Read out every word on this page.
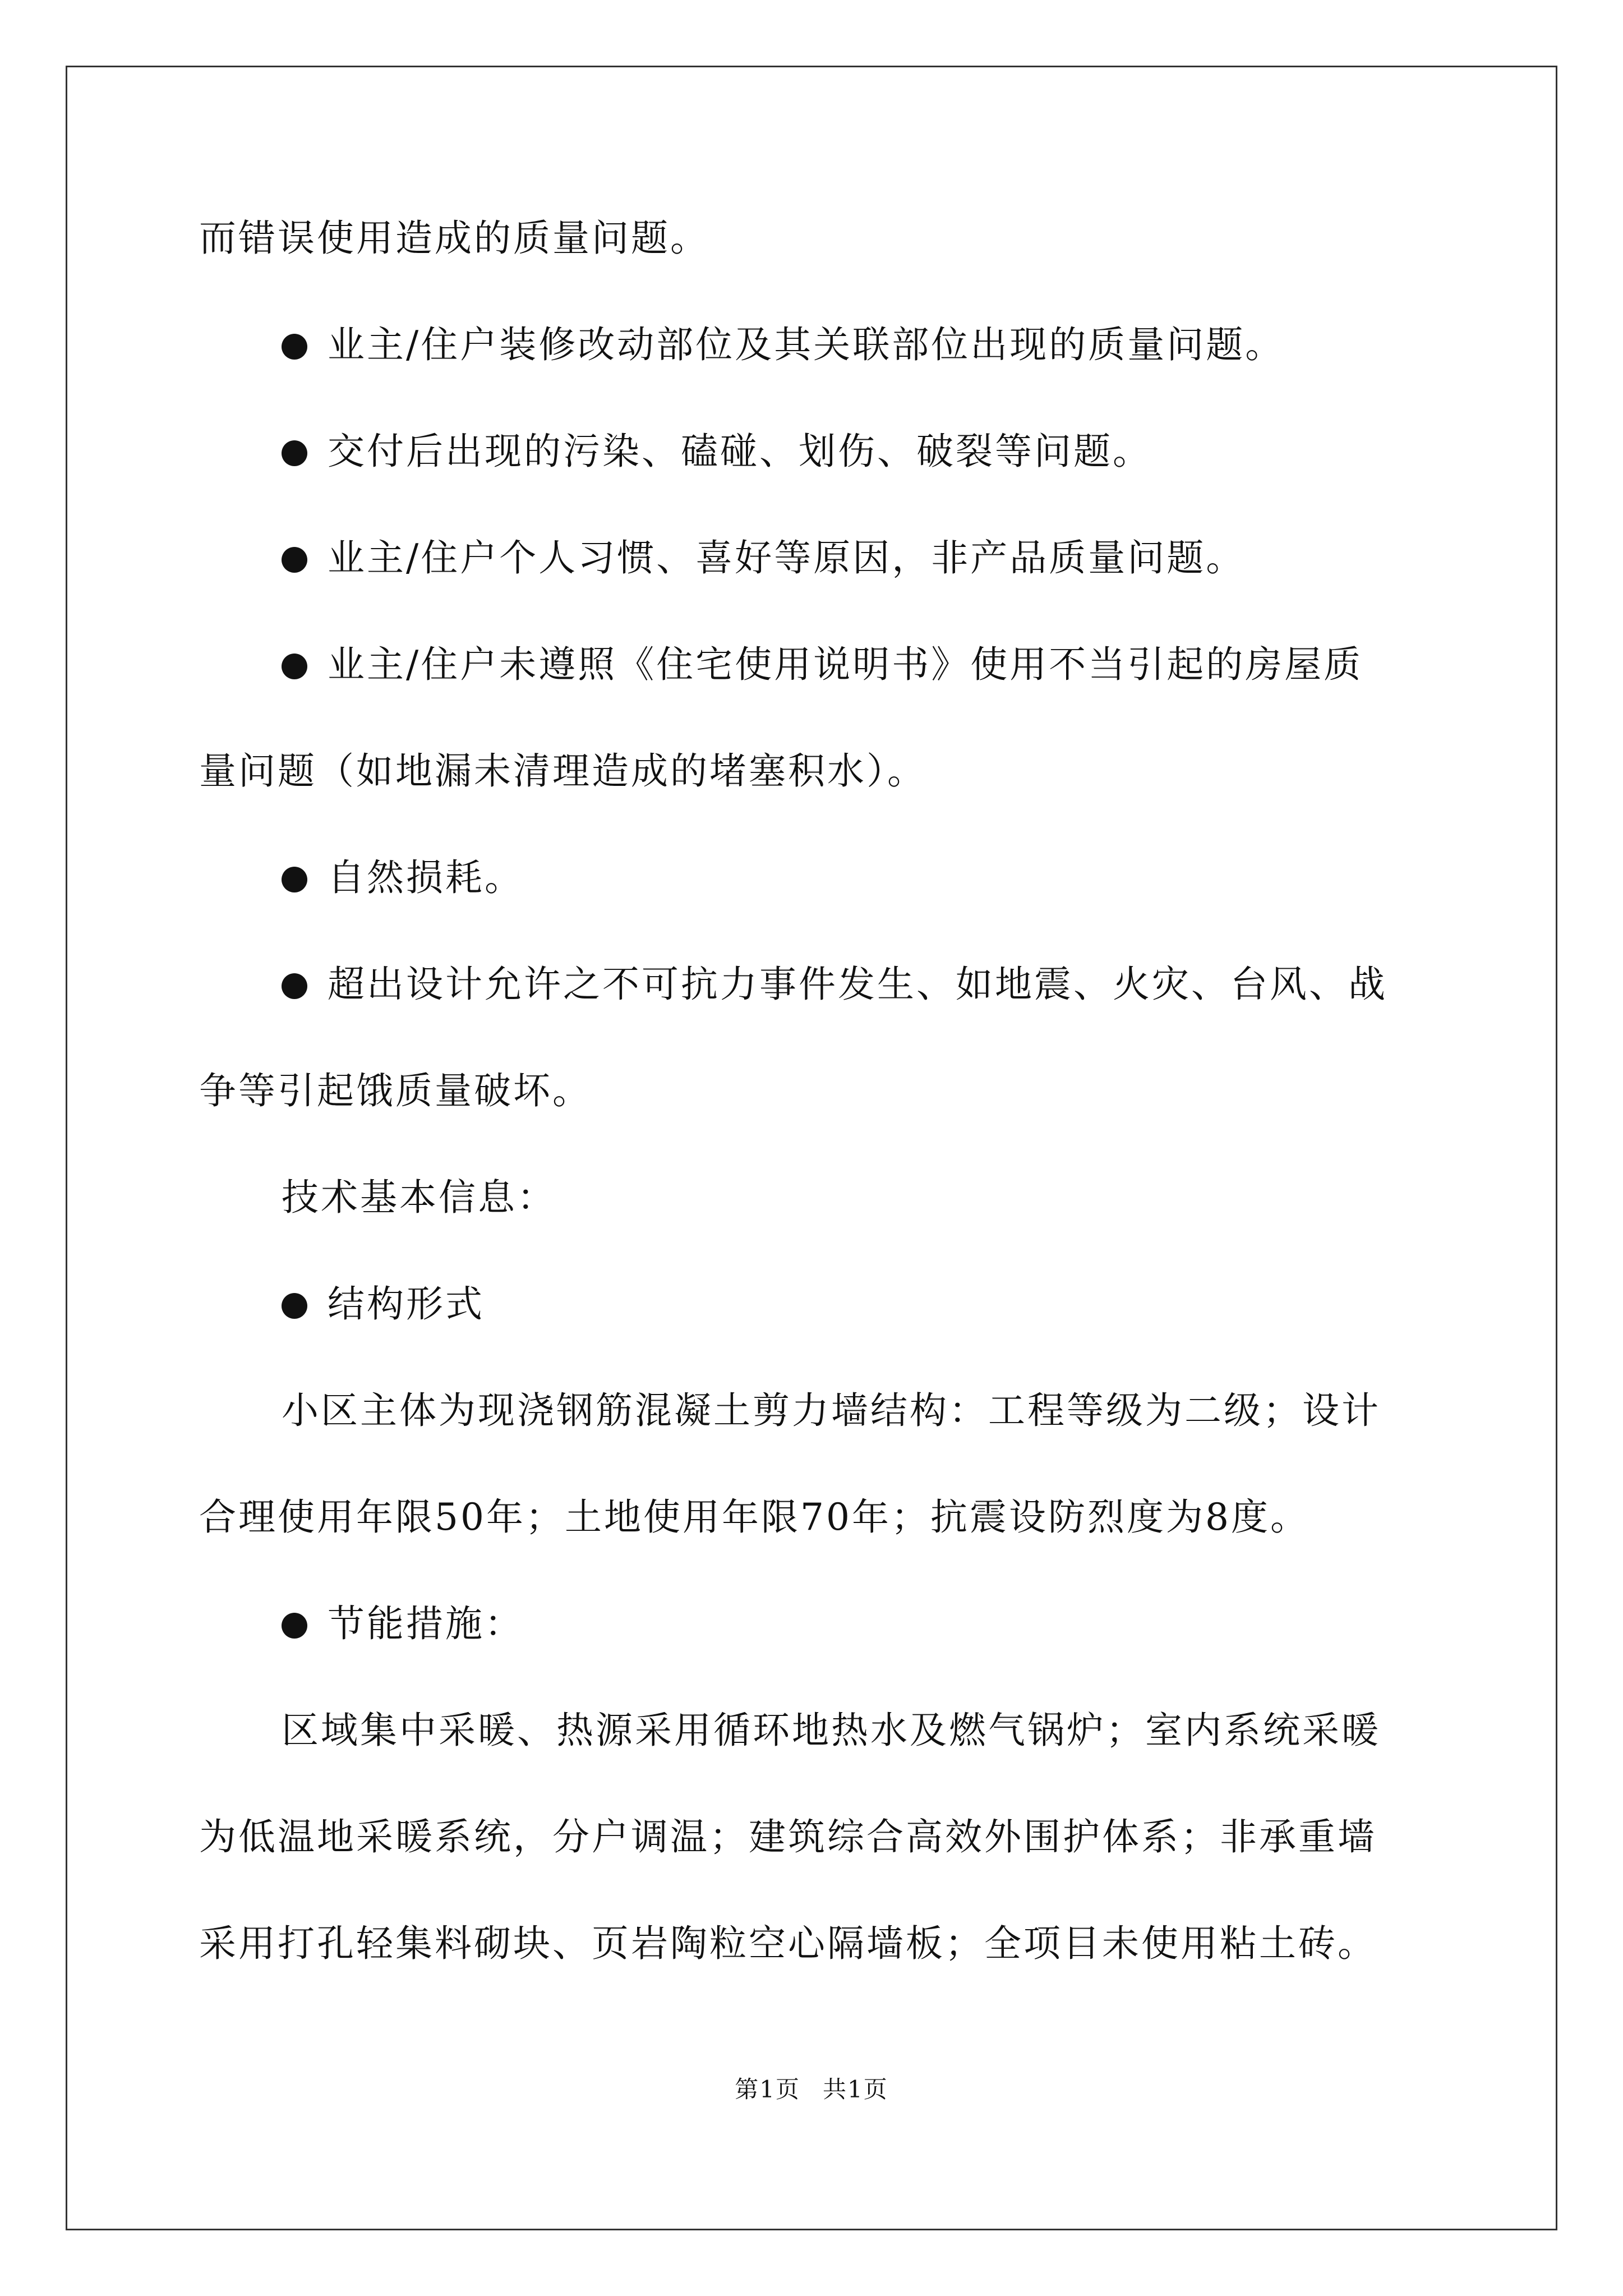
而错误使用造成的质量问题。

业主/住户装修改动部位及其关联部位出现的质量问题。

交付后出现的污染、磕碰、划伤、破裂等问题。

业主/住户个人习惯、喜好等原因，非产品质量问题。

业主/住户未遵照《住宅使用说明书》使用不当引起的房屋质

量问题（如地漏未清理造成的堵塞积水）。

自然损耗。

超出设计允许之不可抗力事件发生、如地震、火灾、台风、战

争等引起饿质量破坏。

技术基本信息：

结构形式

小区主体为现浇钢筋混凝土剪力墙结构：工程等级为二级；设计

合理使用年限50年；土地使用年限70年；抗震设防烈度为8度。

节能措施：

区域集中采暖、热源采用循环地热水及燃气锅炉；室内系统采暖

为低温地采暖系统，分户调温；建筑综合高效外围护体系；非承重墙

采用打孔轻集料砌块、页岩陶粒空心隔墙板；全项目未使用粘土砖。

第1页 共1页
